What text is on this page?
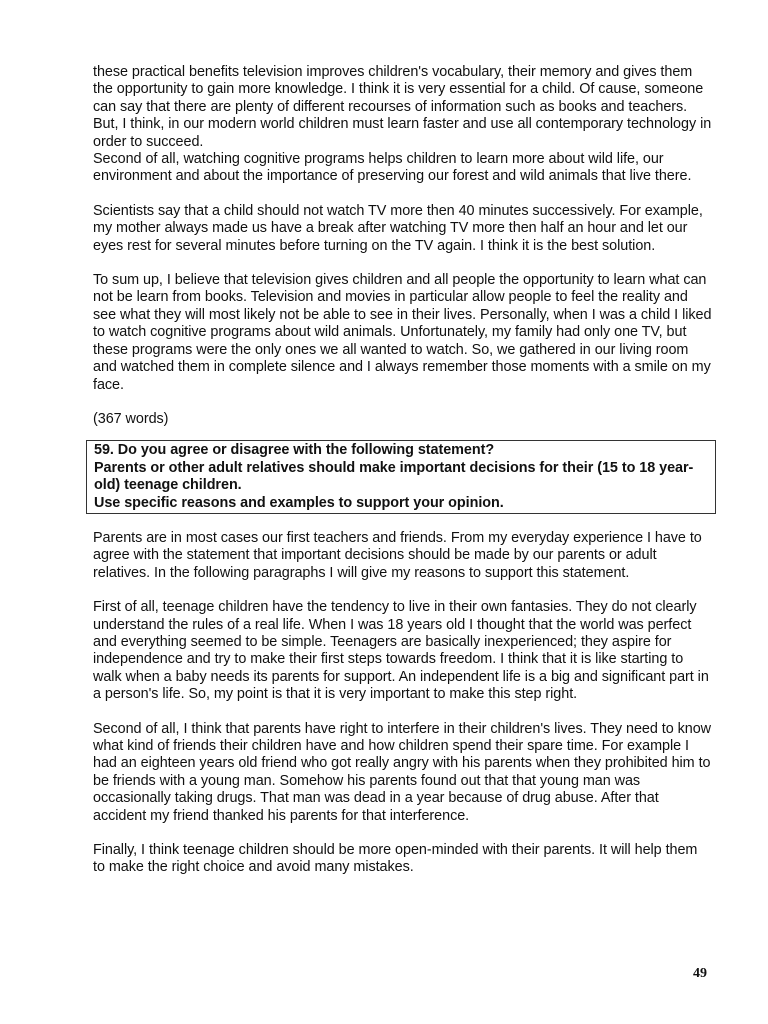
these practical benefits television improves children's vocabulary, their memory and gives them the opportunity to gain more knowledge. I think it is very essential for a child. Of cause, someone can say that there are plenty of different recourses of information such as books and teachers. But, I think, in our modern world children must learn faster and use all contemporary technology in order to succeed.

Second of all, watching cognitive programs helps children to learn more about wild life, our environment and about the importance of preserving our forest and wild animals that live there.

Scientists say that a child should not watch TV more then 40 minutes successively. For example, my mother always made us have a break after watching TV more then half an hour and let our eyes rest for several minutes before turning on the TV again. I think it is the best solution.

To sum up, I believe that television gives children and all people the opportunity to learn what can not be learn from books. Television and movies in particular allow people to feel the reality and see what they will most likely not be able to see in their lives. Personally, when I was a child I liked to watch cognitive programs about wild animals. Unfortunately, my family had only one TV, but these programs were the only ones we all wanted to watch. So, we gathered in our living room and watched them in complete silence and I always remember those moments with a smile on my face.

(367 words)

59. Do you agree or disagree with the following statement?

Parents or other adult relatives should make important decisions for their (15 to 18 year-old) teenage children.

Use specific reasons and examples to support your opinion.

Parents are in most cases our first teachers and friends. From my everyday experience I have to agree with the statement that important decisions should be made by our parents or adult relatives. In the following paragraphs I will give my reasons to support this statement.

First of all, teenage children have the tendency to live in their own fantasies. They do not clearly understand the rules of a real life. When I was 18 years old I thought that the world was perfect and everything seemed to be simple. Teenagers are basically inexperienced; they aspire for independence and try to make their first steps towards freedom. I think that it is like starting to walk when a baby needs its parents for support. An independent life is a big and significant part in a person's life. So, my point is that it is very important to make this step right.

Second of all, I think that parents have right to interfere in their children's lives. They need to know what kind of friends their children have and how children spend their spare time. For example I had an eighteen years old friend who got really angry with his parents when they prohibited him to be friends with a young man. Somehow his parents found out that that young man was occasionally taking drugs. That man was dead in a year because of drug abuse. After that accident my friend thanked his parents for that interference.

Finally, I think teenage children should be more open-minded with their parents. It will help them to make the right choice and avoid many mistakes.

49
